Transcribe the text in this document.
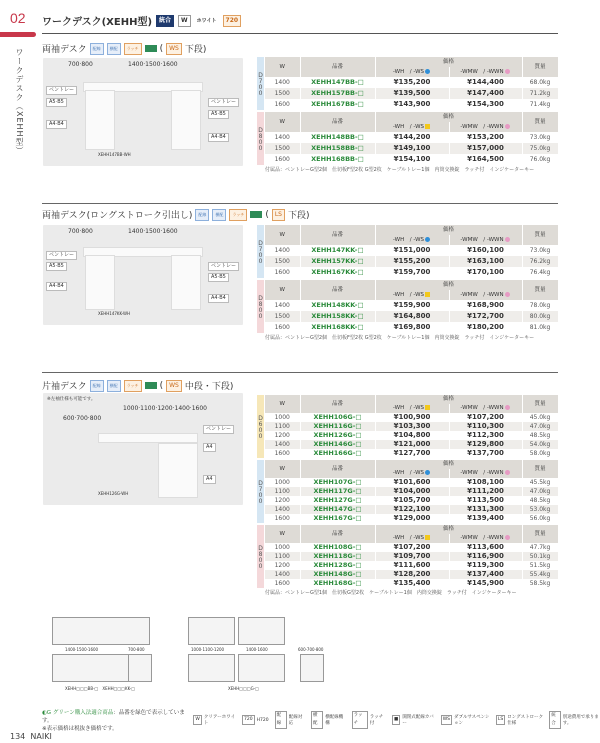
02
ワークデスク（XEHH型）
ワークデスク(XEHH型)	統合	W	ホワイト	720
両袖デスク	配線	横配	ラッチ	(	WS 下段)
ペントレー
A5·B5
A4·B4
ペントレー
A5·B5
A4·B4
700·800	1400·1500·1600
XEHH147BB-WH
D700
W	品番	価格		質量
		-WH　/ -WS	-WMW　/ -WWN	
1400	XEHH147BB-□	¥135,200	¥144,400	68.0kg
1500	XEHH157BB-□	¥139,500	¥147,400	71.2kg
1600	XEHH167BB-□	¥143,900	¥154,300	71.4kg
D800
W	品番	価格		質量
		-WH　/ -WS	-WMW　/ -WWN	
1400	XEHH148BB-□	¥144,200	¥153,200	73.0kg
1500	XEHH158BB-□	¥149,100	¥157,000	75.0kg
1600	XEHH168BB-□	¥154,100	¥164,500	76.0kg
付属品：ペントレーG型2個　仕切板F型2枚 G型2枚　ケーブルトレー1個　内筒交換錠　ラッチ付　インジケーターキー
両袖デスク(ロングストローク引出し)	配線	横配	ラッチ	(	LS 下段)
ペントレー
A5·B5
A4·B4
ペントレー
A5·B5
A4·B4
700·800	1400·1500·1600
XEHH147KK-WH
D700
W	品番	価格		質量
		-WH　/ -WS	-WMW　/ -WWN	
1400	XEHH147KK-□	¥151,000	¥160,100	73.0kg
1500	XEHH157KK-□	¥155,200	¥163,100	76.2kg
1600	XEHH167KK-□	¥159,700	¥170,100	76.4kg
D800
W	品番	価格		質量
		-WH　/ -WS	-WMW　/ -WWN	
1400	XEHH148KK-□	¥159,900	¥168,900	78.0kg
1500	XEHH158KK-□	¥164,800	¥172,700	80.0kg
1600	XEHH168KK-□	¥169,800	¥180,200	81.0kg
付属品：ペントレーG型2個　仕切板F型2枚 G型2枚　ケーブルトレー1個　内筒交換錠　ラッチ付　インジケーターキー
片袖デスク	配線	横配	ラッチ	(	WS 中段・下段)
※左袖仕様も可能です。
ペントレー
A4
A4
600·700·800
1000·1100·1200·1400·1600
XEHH126G-WH
D600
W	品番	価格		質量
		-WH　/ -WS	-WMW　/ -WWN	
1000	XEHH106G-□	¥100,900	¥107,200	45.0kg
1100	XEHH116G-□	¥103,300	¥110,300	47.0kg
1200	XEHH126G-□	¥104,800	¥112,300	48.5kg
1400	XEHH146G-□	¥121,000	¥129,800	54.0kg
1600	XEHH166G-□	¥127,700	¥137,700	58.0kg
D700
W	品番	価格		質量
		-WH　/ -WS	-WMW　/ -WWN	
1000	XEHH107G-□	¥101,600	¥108,100	45.5kg
1100	XEHH117G-□	¥104,000	¥111,200	47.0kg
1200	XEHH127G-□	¥105,700	¥113,500	48.5kg
1400	XEHH147G-□	¥122,100	¥131,300	53.0kg
1600	XEHH167G-□	¥129,000	¥139,400	56.0kg
D800
W	品番	価格		質量
		-WH　/ -WS	-WMW　/ -WWN	
1000	XEHH108G-□	¥107,200	¥113,600	47.7kg
1100	XEHH118G-□	¥109,700	¥116,900	50.1kg
1200	XEHH128G-□	¥111,600	¥119,300	51.5kg
1400	XEHH148G-□	¥128,200	¥137,400	55.4kg
1600	XEHH168G-□	¥135,400	¥145,900	58.5kg
付属品：ペントレーG型1個　仕切板G型2枚　ケーブルトレー1個　内筒交換錠　ラッチ付　インジケーターキー
1400·1500·1600
XEHH□□□BB-□　XEHH□□□KK-□
700·800	1000·1100·1200	1400·1600	600·700·800
XEHH□□□G-□
◐G グリーン購入法適合商品：品番を緑色で表示しています。
※表示価格は税抜き価格です。
W クリアーホワイト
720 H720
配線
配線対応
横配
横配線機構
ラッチ
ラッチ付
■ 開閉式配線カバー
WS ダブルサスペンション
LS ロングストローク仕様
統合
別途費用で承ります。
134 NAIKI
